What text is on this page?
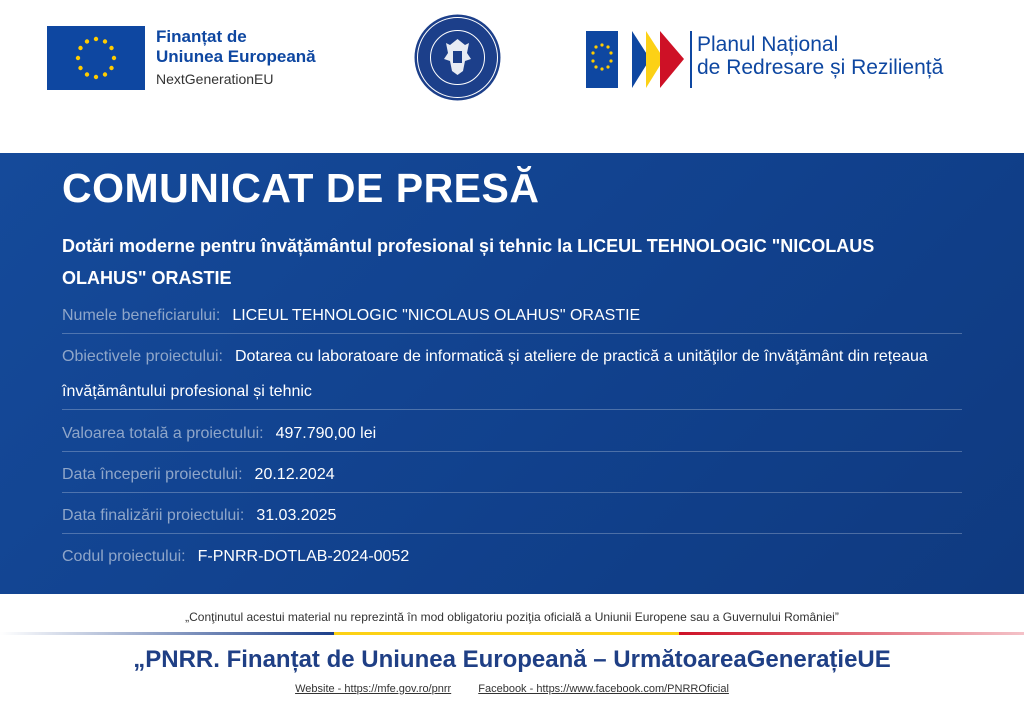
Finanțat de
Uniunea Europeană
NextGenerationEU
Planul Național
de Redresare și Reziliență
COMUNICAT DE PRESĂ
Dotări moderne pentru învățământul profesional și tehnic la LICEUL TEHNOLOGIC "NICOLAUS OLAHUS" ORASTIE
Numele beneficiarului: LICEUL TEHNOLOGIC "NICOLAUS OLAHUS" ORASTIE
Obiectivele proiectului: Dotarea cu laboratoare de informatică și ateliere de practică a unităţilor de învăţământ din rețeaua învățământului profesional și tehnic
Valoarea totală a proiectului: 497.790,00 lei
Data începerii proiectului: 20.12.2024
Data finalizării proiectului: 31.03.2025
Codul proiectului: F-PNRR-DOTLAB-2024-0052
„Conţinutul acestui material nu reprezintă în mod obligatoriu poziţia oficială a Uniunii Europene sau a Guvernului României”
„PNRR. Finanțat de Uniunea Europeană – UrmătoareaGenerațieUE
Website - https://mfe.gov.ro/pnrr Facebook - https://www.facebook.com/PNRROficial
